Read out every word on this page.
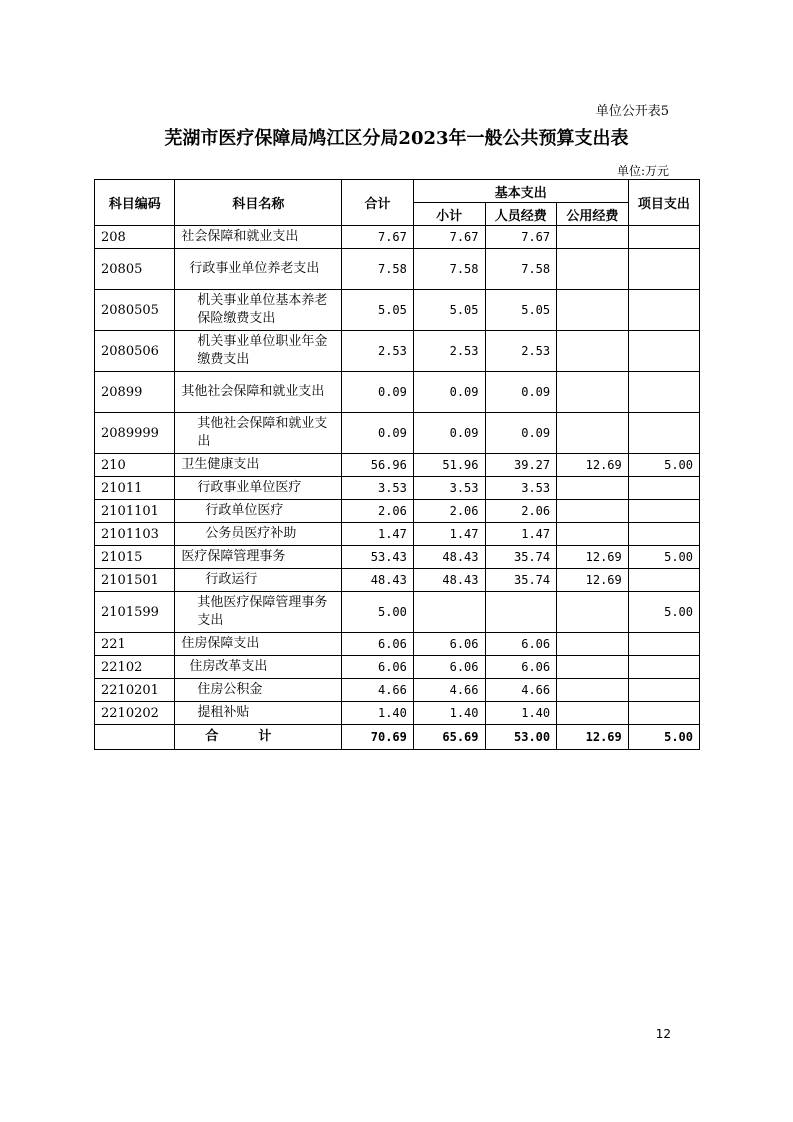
单位公开表5
芜湖市医疗保障局鸠江区分局2023年一般公共预算支出表
单位:万元
科目编码	科目名称	合计	基本支出			项目支出
			小计	人员经费	公用经费	
208	社会保障和就业支出	7.67	7.67	7.67		
20805	行政事业单位养老支出	7.58	7.58	7.58		
2080505	机关事业单位基本养老保险缴费支出	5.05	5.05	5.05		
2080506	机关事业单位职业年金缴费支出	2.53	2.53	2.53		
20899	其他社会保障和就业支出	0.09	0.09	0.09		
2089999	其他社会保障和就业支出	0.09	0.09	0.09		
210	卫生健康支出	56.96	51.96	39.27	12.69	5.00
21011	行政事业单位医疗	3.53	3.53	3.53		
2101101	行政单位医疗	2.06	2.06	2.06		
2101103	公务员医疗补助	1.47	1.47	1.47		
21015	医疗保障管理事务	53.43	48.43	35.74	12.69	5.00
2101501	行政运行	48.43	48.43	35.74	12.69	
2101599	其他医疗保障管理事务支出	5.00				5.00
221	住房保障支出	6.06	6.06	6.06		
22102	住房改革支出	6.06	6.06	6.06		
2210201	住房公积金	4.66	4.66	4.66		
2210202	提租补贴	1.40	1.40	1.40		
	合计	70.69	65.69	53.00	12.69	5.00
12
